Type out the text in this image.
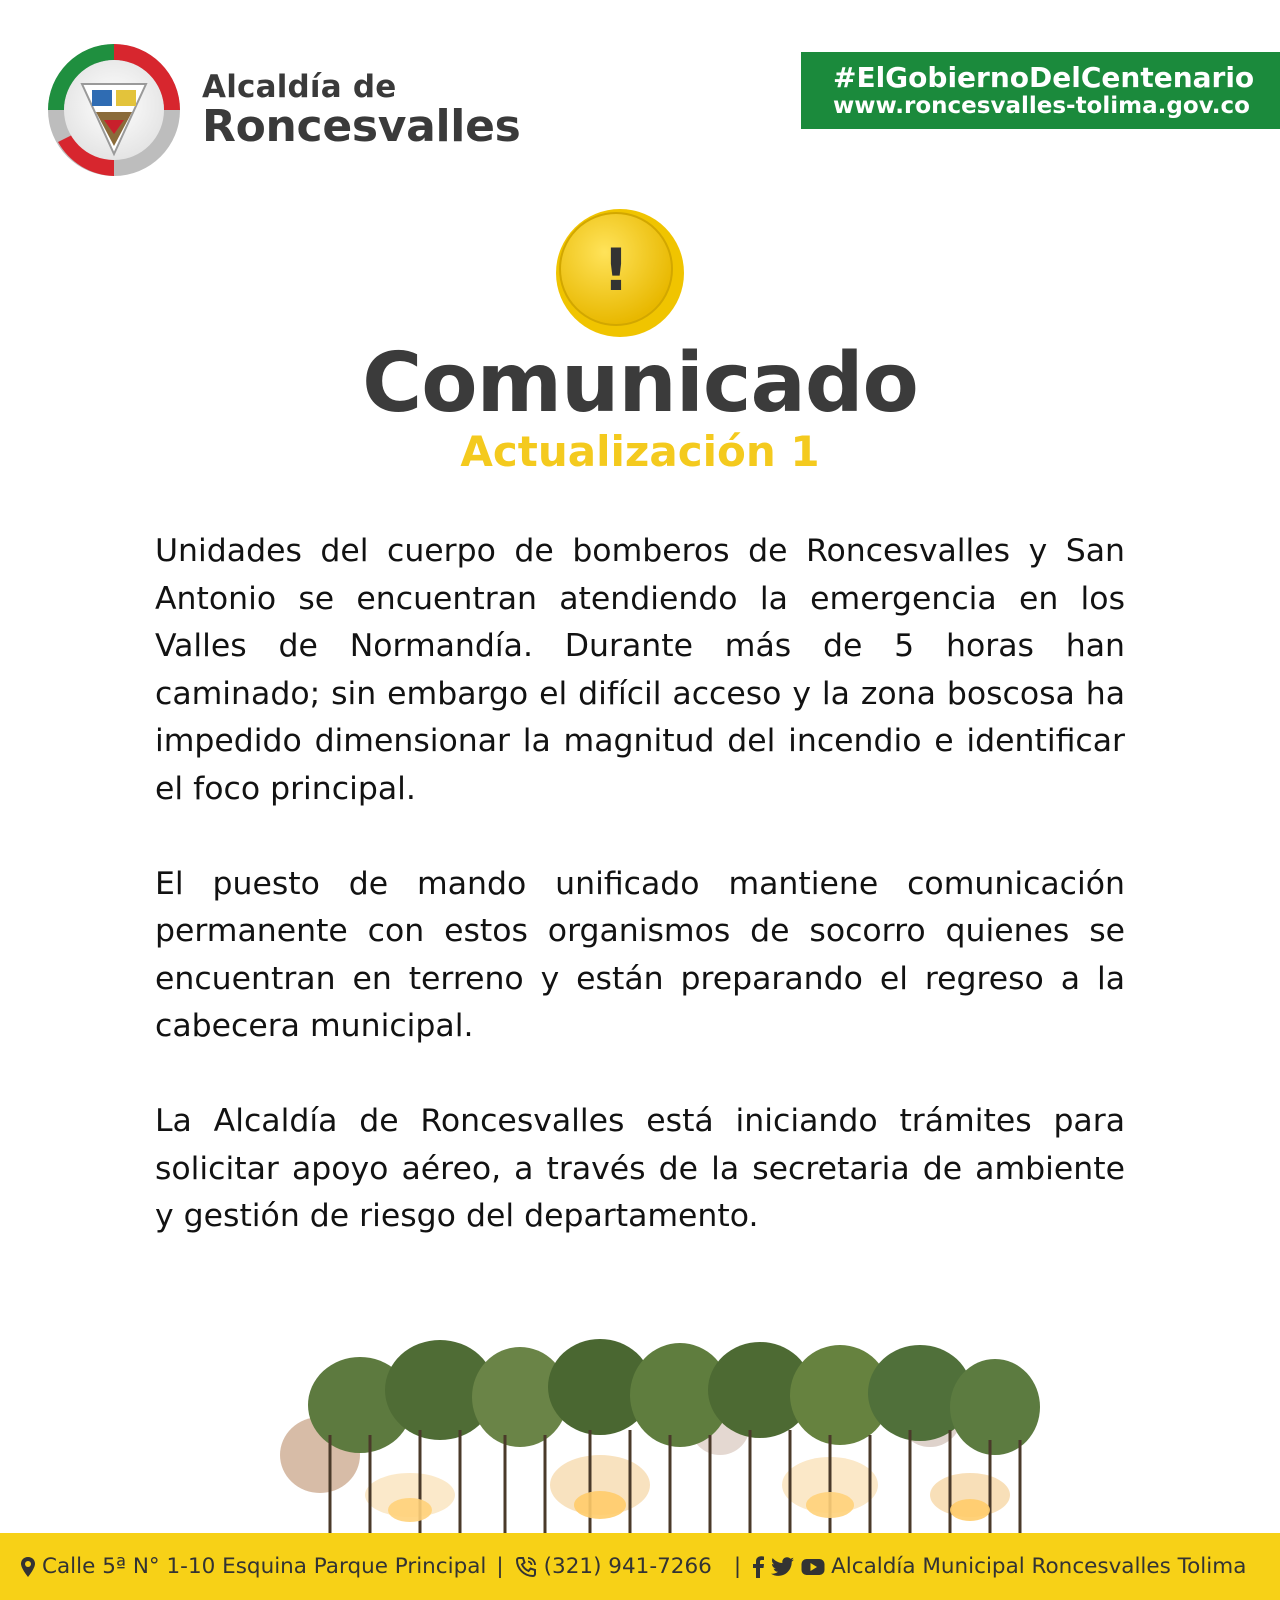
Alcaldía de
Roncesvalles
#ElGobiernoDelCentenario
www.roncesvalles-tolima.gov.co
!
Comunicado
Actualización 1

Unidades del cuerpo de bomberos de Roncesvalles y San Antonio se encuentran atendiendo la emergencia en los Valles de Normandía. Durante más de 5 horas han caminado; sin embargo el difícil acceso y la zona boscosa ha impedido dimensionar la magnitud del incendio e identificar el foco principal.

El puesto de mando unificado mantiene comunicación permanente con estos organismos de socorro quienes se encuentran en terreno y están preparando el regreso a la cabecera municipal.

La Alcaldía de Roncesvalles está iniciando trámites para solicitar apoyo aéreo, a través de la secretaria de ambiente y gestión de riesgo del departamento.

Calle 5ª N° 1-10 Esquina Parque Principal | (321) 941-7266 |	Alcaldía Municipal Roncesvalles Tolima
